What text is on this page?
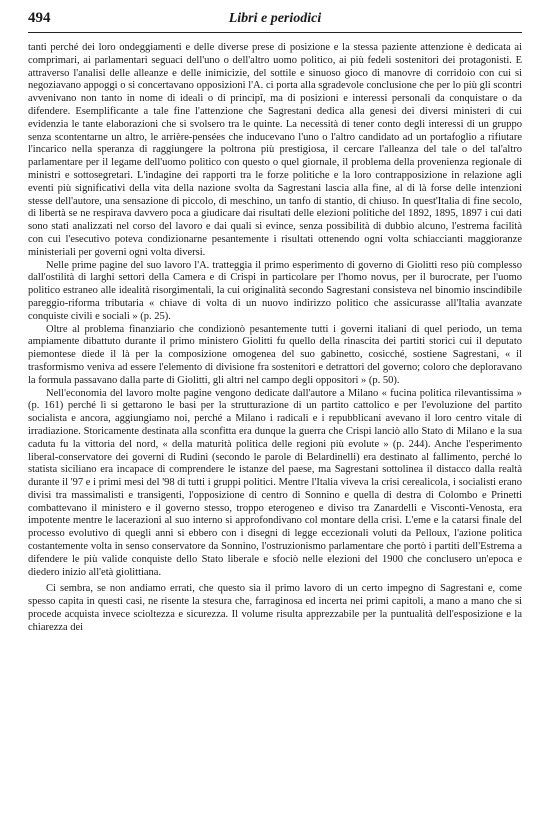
494	Libri e periodici

tanti perché dei loro ondeggiamenti e delle diverse prese di posizione e la stessa paziente attenzione è dedicata ai comprimari, ai parlamentari seguaci dell'uno o dell'altro uomo politico, ai più fedeli sostenitori dei protagonisti. E attraverso l'analisi delle alleanze e delle inimicizie, del sottile e sinuoso gioco di manovre di corridoio con cui si negoziavano appoggi o si concertavano opposizioni l'A. ci porta alla sgradevole conclusione che per lo più gli scontri avvenivano non tanto in nome di ideali o di principî, ma di posizioni e interessi personali da conquistare o da difendere. Esemplificante a tale fine l'attenzione che Sagrestani dedica alla genesi dei diversi ministeri di cui evidenzia le tante elaborazioni che si svolsero tra le quinte. La necessità di tener conto degli interessi di un gruppo senza scontentarne un altro, le arrière-pensées che inducevano l'uno o l'altro candidato ad un portafoglio a rifiutare l'incarico nella speranza di raggiungere la poltrona più prestigiosa, il cercare l'alleanza del tale o del tal'altro parlamentare per il legame dell'uomo politico con questo o quel giornale, il problema della provenienza regionale di ministri e sottosegretari. L'indagine dei rapporti tra le forze politiche e la loro contrapposizione in relazione agli eventi più significativi della vita della nazione svolta da Sagrestani lascia alla fine, al di là forse delle intenzioni stesse dell'autore, una sensazione di piccolo, di meschino, un tanfo di stantio, di chiuso. In quest'Italia di fine secolo, di libertà se ne respirava davvero poca a giudicare dai risultati delle elezioni politiche del 1892, 1895, 1897 i cui dati sono stati analizzati nel corso del lavoro e dai quali si evince, senza possibilità di dubbio alcuno, l'estrema facilità con cui l'esecutivo poteva condizionarne pesantemente i risultati ottenendo ogni volta schiaccianti maggioranze ministeriali per governi ogni volta diversi.

Nelle prime pagine del suo lavoro l'A. tratteggia il primo esperimento di governo di Giolitti reso più complesso dall'ostilità di larghi settori della Camera e di Crispi in particolare per l'homo novus, per il burocrate, per l'uomo politico estraneo alle idealità risorgimentali, la cui originalità secondo Sagrestani consisteva nel binomio inscindibile pareggio-riforma tributaria « chiave di volta di un nuovo indirizzo politico che assicurasse all'Italia avanzate conquiste civili e sociali » (p. 25).

Oltre al problema finanziario che condizionò pesantemente tutti i governi italiani di quel periodo, un tema ampiamente dibattuto durante il primo ministero Giolitti fu quello della rinascita dei partiti storici cui il deputato piemontese diede il là per la composizione omogenea del suo gabinetto, cosicché, sostiene Sagrestani, « il trasformismo veniva ad essere l'elemento di divisione fra sostenitori e detrattori del governo; coloro che deploravano la formula passavano dalla parte di Giolitti, gli altri nel campo degli oppositori » (p. 50).

Nell'economia del lavoro molte pagine vengono dedicate dall'autore a Milano « fucina politica rilevantissima » (p. 161) perché lì si gettarono le basi per la strutturazione di un partito cattolico e per l'evoluzione del partito socialista e ancora, aggiungiamo noi, perché a Milano i radicali e i repubblicani avevano il loro centro vitale di irradiazione. Storicamente destinata alla sconfitta era dunque la guerra che Crispi lanciò allo Stato di Milano e la sua caduta fu la vittoria del nord, « della maturità politica delle regioni più evolute » (p. 244). Anche l'esperimento liberal-conservatore dei governi di Rudinì (secondo le parole di Belardinelli) era destinato al fallimento, perché lo statista siciliano era incapace di comprendere le istanze del paese, ma Sagrestani sottolinea il distacco dalla realtà durante il '97 e i primi mesi del '98 di tutti i gruppi politici. Mentre l'Italia viveva la crisi cerealicola, i socialisti erano divisi tra massimalisti e transigenti, l'opposizione di centro di Sonnino e quella di destra di Colombo e Prinetti combattevano il ministero e il governo stesso, troppo eterogeneo e diviso tra Zanardelli e Visconti-Venosta, era impotente mentre le lacerazioni al suo interno si approfondivano col montare della crisi. L'eme e la catarsi finale del processo evolutivo di quegli anni si ebbero con i disegni di legge eccezionali voluti da Pelloux, l'azione politica costantemente volta in senso conservatore da Sonnino, l'ostruzionismo parlamentare che portò i partiti dell'Estrema a difendere le più valide conquiste dello Stato liberale e sfociò nelle elezioni del 1900 che conclusero un'epoca e diedero inizio all'età giolittiana.

Ci sembra, se non andiamo errati, che questo sia il primo lavoro di un certo impegno di Sagrestani e, come spesso capita in questi casi, ne risente la stesura che, farraginosa ed incerta nei primi capitoli, a mano a mano che si procede acquista invece scioltezza e sicurezza. Il volume risulta apprezzabile per la puntualità dell'esposizione e la chiarezza dei
